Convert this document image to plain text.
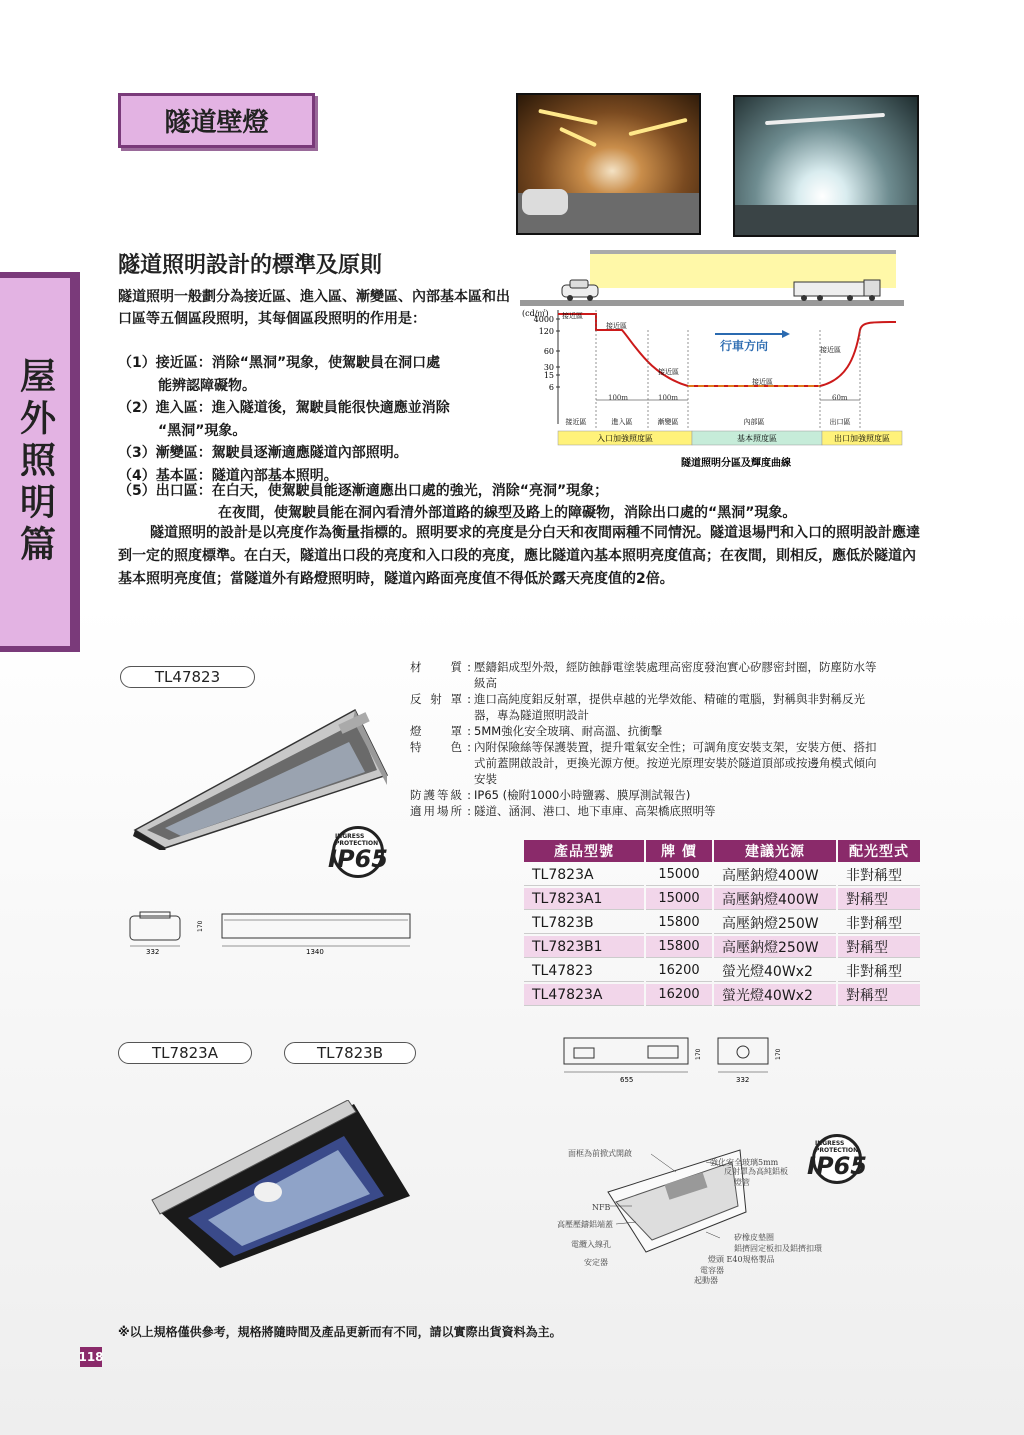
隧道壁燈
屋外照明篇
隧道照明設計的標準及原則
隧道照明一般劃分為接近區、進入區、漸變區、內部基本區和出口區等五個區段照明，其每個區段照明的作用是：
（1）接近區：消除“黑洞”現象，使駕駛員在洞口處
能辨認障礙物。
（2）進入區：進入隧道後，駕駛員能很快適應並消除
“黑洞”現象。
（3）漸變區：駕駛員逐漸適應隧道內部照明。
（4）基本區：隧道內部基本照明。
（5）出口區：在白天，使駕駛員能逐漸適應出口處的強光，消除“亮洞”現象；
在夜間，使駕駛員能在洞內看清外部道路的線型及路上的障礙物，消除出口處的“黑洞”現象。
隧道照明的設計是以亮度作為衡量指標的。照明要求的亮度是分白天和夜間兩種不同情況。隧道退場門和入口的照明設計應達到一定的照度標準。在白天，隧道出口段的亮度和入口段的亮度，應比隧道內基本照明亮度值高；在夜間，則相反，應低於隧道內基本照明亮度值；當隧道外有路燈照明時，隧道內路面亮度值不得低於露天亮度值的2倍。
(cd/㎡)
4000
120
60
30
15
6
接近區
接近區
接近區
接近區
接近區
行車方向
100m	100m	60m
接近區	進入區	漸變區	內部區	出口區
入口加強照度區	基本照度區	出口加強照度區
隧道照明分區及輝度曲線
TL47823
INGRESS PROTECTION
IP65
材　質 : 壓鑄鋁成型外殼，經防蝕靜電塗裝處理高密度發泡實心矽膠密封圈，防塵防水等級高
反射罩 : 進口高純度鋁反射罩，提供卓越的光學效能、精確的電腦，對稱與非對稱反光器，專為隧道照明設計
燈　罩 : 5MM強化安全玻璃、耐高溫、抗衝擊
特　色 : 內附保險絲等保護裝置，提升電氣安全性；可調角度安裝支架，安裝方便、搭扣式前蓋開啟設計，更換光源方便。按逆光原理安裝於隧道頂部或按邊角模式傾向安裝
防護等級 : IP65 (檢附1000小時鹽霧、膜厚測試報告)
適用場所 : 隧道、涵洞、港口、地下車庫、高架橋底照明等
產品型號	牌 價	建議光源	配光型式
TL7823A	15000	高壓鈉燈400W	非對稱型
TL7823A1	15000	高壓鈉燈400W	對稱型
TL7823B	15800	高壓鈉燈250W	非對稱型
TL7823B1	15800	高壓鈉燈250W	對稱型
TL47823	16200	螢光燈40Wx2	非對稱型
TL47823A	16200	螢光燈40Wx2	對稱型
332
170
1340
TL7823A	TL7823B
655
170
332
170
面框為前掀式開啟
強化安全玻璃5mm
反射罩為高純鋁板
燈管
NFB
高壓壓鑄鋁端蓋
電纜入線孔
安定器
矽橡皮墊圈
鋁擠固定板扣及鋁擠扣環
燈頭 E40規格製品
電容器
起動器
INGRESS PROTECTION
IP65
※以上規格僅供參考，規格將隨時間及產品更新而有不同，請以實際出貨資料為主。
118
